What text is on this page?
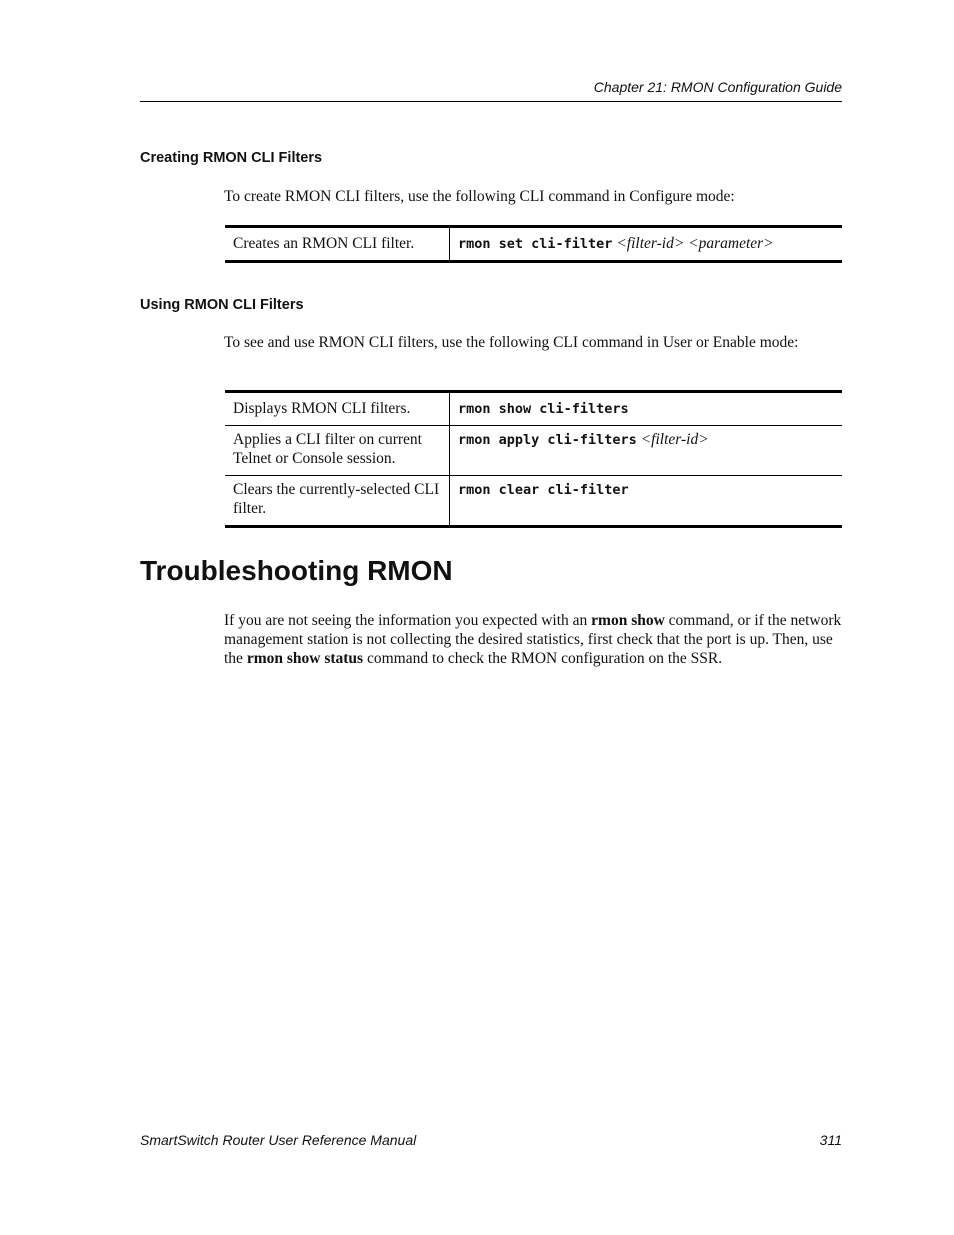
Chapter 21: RMON Configuration Guide
Creating RMON CLI Filters
To create RMON CLI filters, use the following CLI command in Configure mode:
Creates an RMON CLI filter.	rmon set cli-filter <filter-id> <parameter>
Using RMON CLI Filters
To see and use RMON CLI filters, use the following CLI command in User or Enable mode:
Displays RMON CLI filters.	rmon show cli-filters
Applies a CLI filter on current Telnet or Console session.	rmon apply cli-filters <filter-id>
Clears the currently-selected CLI filter.	rmon clear cli-filter
Troubleshooting RMON
If you are not seeing the information you expected with an rmon show command, or if the network management station is not collecting the desired statistics, first check that the port is up. Then, use the rmon show status command to check the RMON configuration on the SSR.
SmartSwitch Router User Reference Manual	311
